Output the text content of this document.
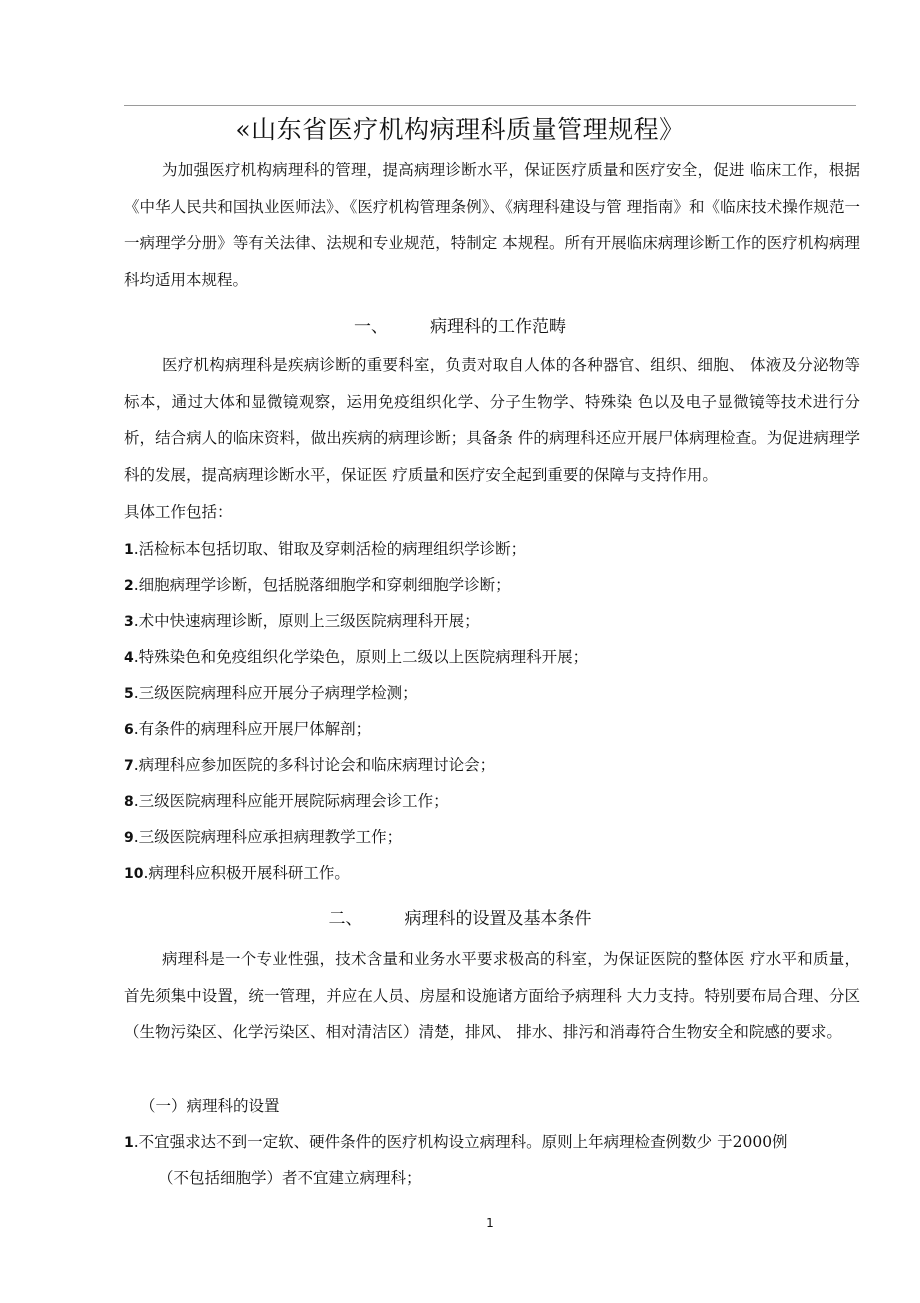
«山东省医疗机构病理科质量管理规程》
为加强医疗机构病理科的管理，提高病理诊断水平，保证医疗质量和医疗安全，促进 临床工作，根据《中华人民共和国执业医师法》、《医疗机构管理条例》、《病理科建设与管 理指南》和《临床技术操作规范一一病理学分册》等有关法律、法规和专业规范，特制定 本规程。所有开展临床病理诊断工作的医疗机构病理科均适用本规程。
一、 病理科的工作范畴
医疗机构病理科是疾病诊断的重要科室，负责对取自人体的各种器官、组织、细胞、 体液及分泌物等标本，通过大体和显微镜观察，运用免疫组织化学、分子生物学、特殊染 色以及电子显微镜等技术进行分析，结合病人的临床资料，做出疾病的病理诊断；具备条 件的病理科还应开展尸体病理检查。为促进病理学科的发展，提高病理诊断水平，保证医 疗质量和医疗安全起到重要的保障与支持作用。
具体工作包括：
1.活检标本包括切取、钳取及穿刺活检的病理组织学诊断；
2.细胞病理学诊断，包括脱落细胞学和穿刺细胞学诊断；
3.术中快速病理诊断，原则上三级医院病理科开展；
4.特殊染色和免疫组织化学染色，原则上二级以上医院病理科开展；
5.三级医院病理科应开展分子病理学检测；
6.有条件的病理科应开展尸体解剖；
7.病理科应参加医院的多科讨论会和临床病理讨论会；
8.三级医院病理科应能开展院际病理会诊工作；
9.三级医院病理科应承担病理教学工作；
10.病理科应积极开展科研工作。
二、 病理科的设置及基本条件
病理科是一个专业性强，技术含量和业务水平要求极高的科室，为保证医院的整体医 疗水平和质量，首先须集中设置，统一管理，并应在人员、房屋和设施诸方面给予病理科 大力支持。特别要布局合理、分区（生物污染区、化学污染区、相对清洁区）清楚，排风、 排水、排污和消毒符合生物安全和院感的要求。
（一）病理科的设置
1.不宜强求达不到一定软、硬件条件的医疗机构设立病理科。原则上年病理检查例数少 于2000例
（不包括细胞学）者不宜建立病理科；
1
